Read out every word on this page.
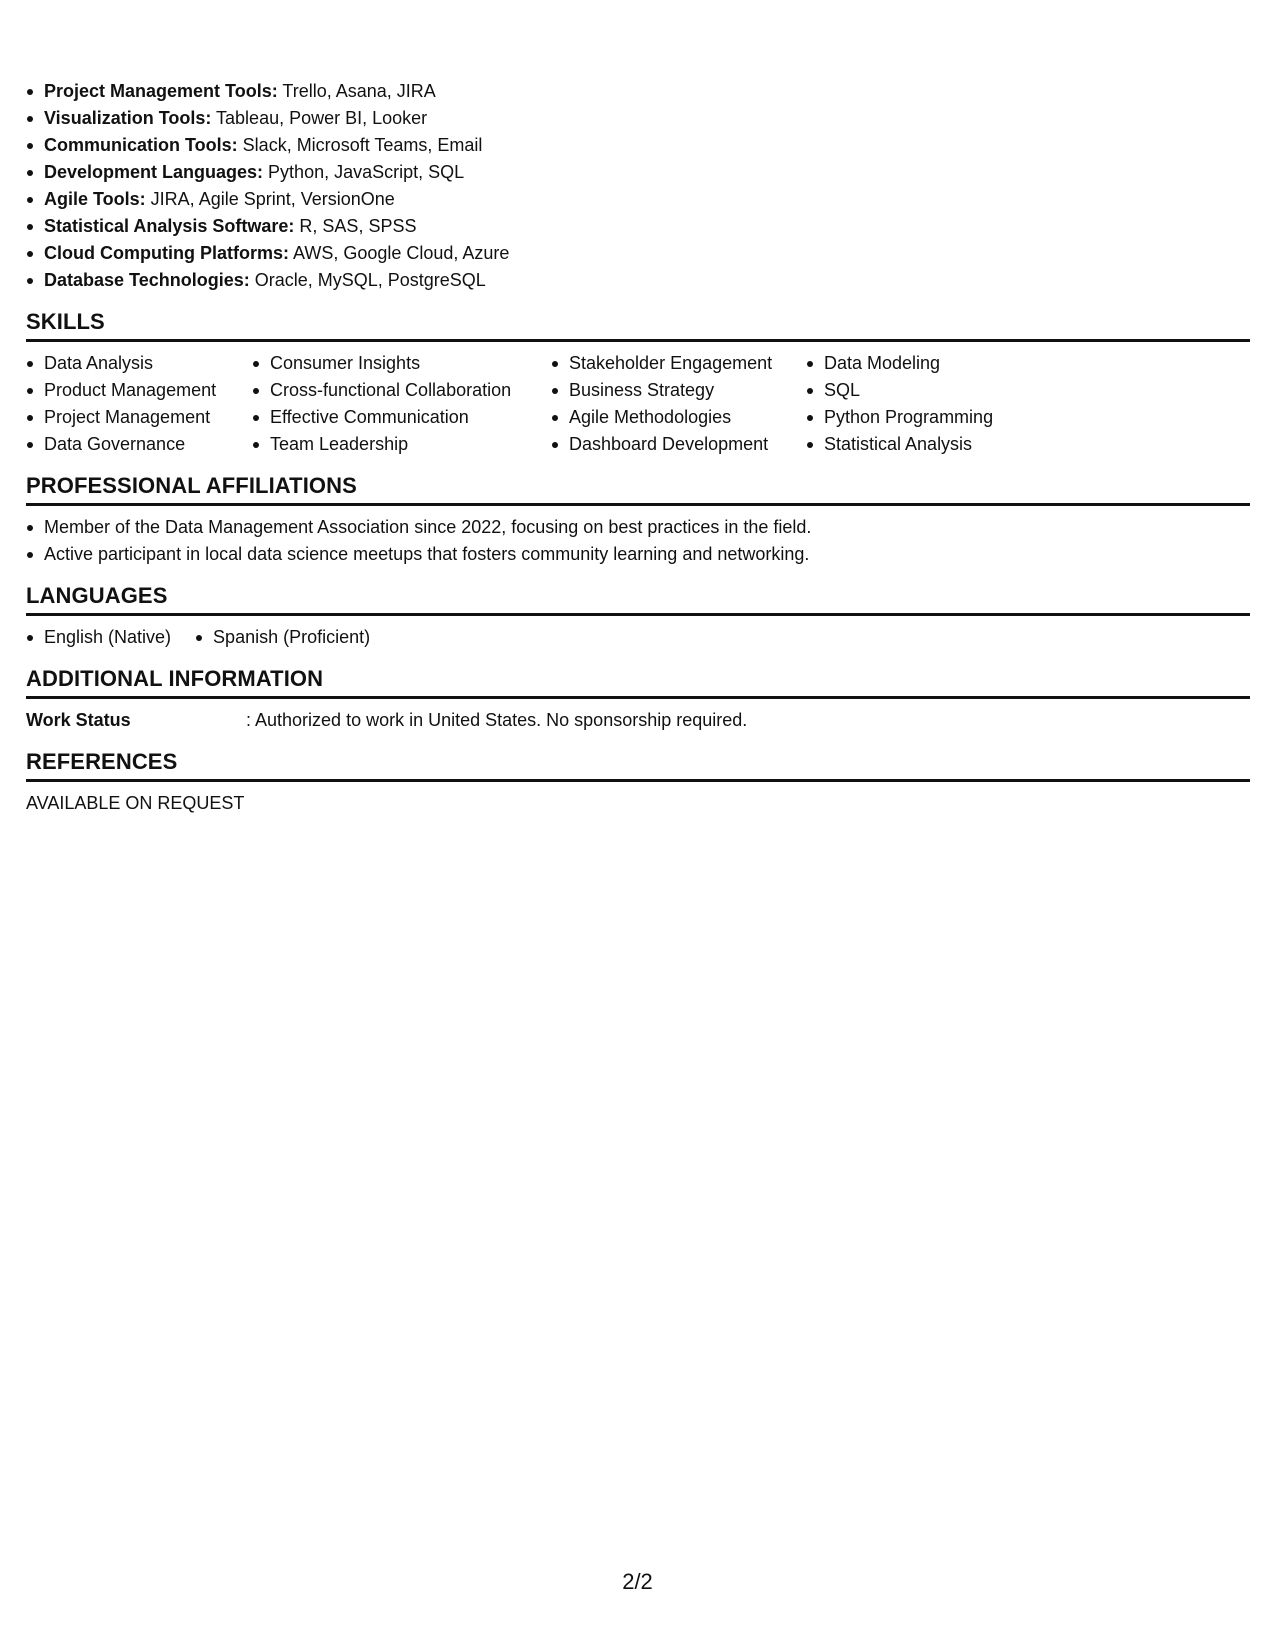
Project Management Tools: Trello, Asana, JIRA
Visualization Tools: Tableau, Power BI, Looker
Communication Tools: Slack, Microsoft Teams, Email
Development Languages: Python, JavaScript, SQL
Agile Tools: JIRA, Agile Sprint, VersionOne
Statistical Analysis Software: R, SAS, SPSS
Cloud Computing Platforms: AWS, Google Cloud, Azure
Database Technologies: Oracle, MySQL, PostgreSQL
SKILLS
Data Analysis
Product Management
Project Management
Data Governance
Consumer Insights
Cross-functional Collaboration
Effective Communication
Team Leadership
Stakeholder Engagement
Business Strategy
Agile Methodologies
Dashboard Development
Data Modeling
SQL
Python Programming
Statistical Analysis
PROFESSIONAL AFFILIATIONS
Member of the Data Management Association since 2022, focusing on best practices in the field.
Active participant in local data science meetups that fosters community learning and networking.
LANGUAGES
English (Native)	Spanish (Proficient)
ADDITIONAL INFORMATION
Work Status	: Authorized to work in United States. No sponsorship required.
REFERENCES
AVAILABLE ON REQUEST
2/2
